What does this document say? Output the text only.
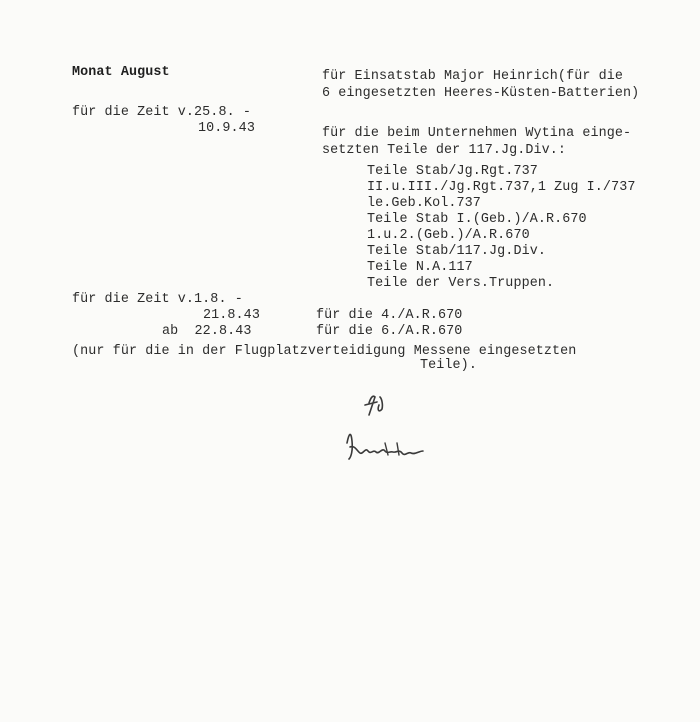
Monat August	für Einsatstab Major Heinrich(für die
6 eingesetzten Heeres-Küsten-Batterien)
für die Zeit v.25.8. -
10.9.43	für die beim Unternehmen Wytina einge-
setzten Teile der 117.Jg.Div.:
Teile Stab/Jg.Rgt.737
II.u.III./Jg.Rgt.737,1 Zug I./737
le.Geb.Kol.737
Teile Stab I.(Geb.)/A.R.670
1.u.2.(Geb.)/A.R.670
Teile Stab/117.Jg.Div.
Teile N.A.117
Teile der Vers.Truppen.
für die Zeit v.1.8. -
21.8.43	für die 4./A.R.670
ab  22.8.43	für die 6./A.R.670
(nur für die in der Flugplatzverteidigung Messene eingesetzten
Teile).
